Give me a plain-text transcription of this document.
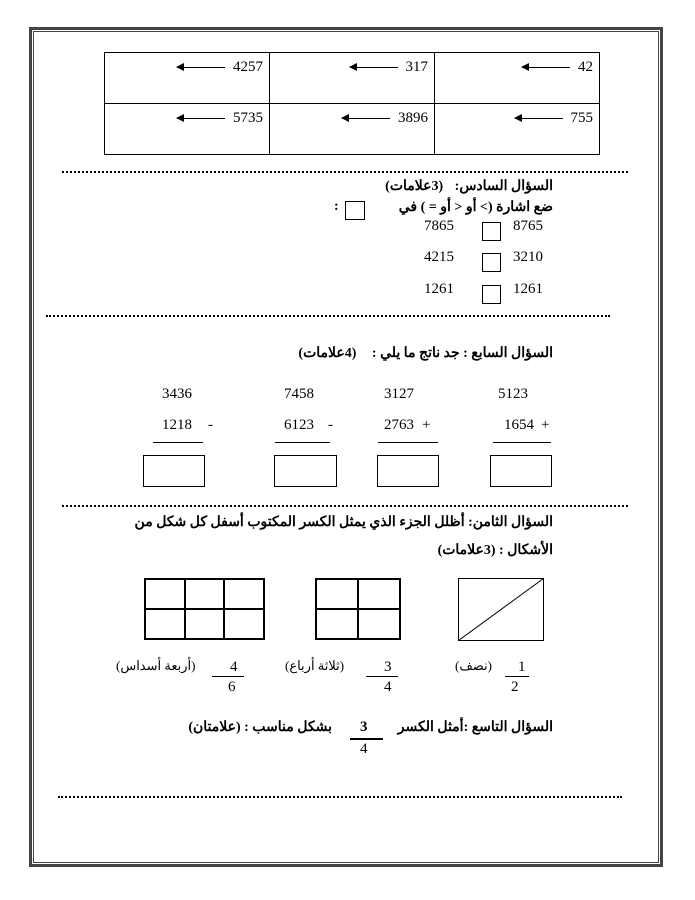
4257	317	42

5735	3896	755
السؤال السادس: (3علامات)
ضع اشارة (> أو < أو = ) في
:
7865	8765
4215	3210
1261	1261
السؤال السابع : جد ناتج ما يلي : (4علامات)
3436
1218 -
7458
6123 -
3127
2763 +
5123
1654 +
السؤال الثامن: أظلل الجزء الذي يمثل الكسر المكتوب أسفل كل شكل من
الأشكال : (3علامات)
4
6
(أربعة أسداس)	3
4
(ثلاثة أرباع)	1
2
(نصف)
السؤال التاسع :أمثل الكسر
3
4
بشكل مناسب : (علامتان)
